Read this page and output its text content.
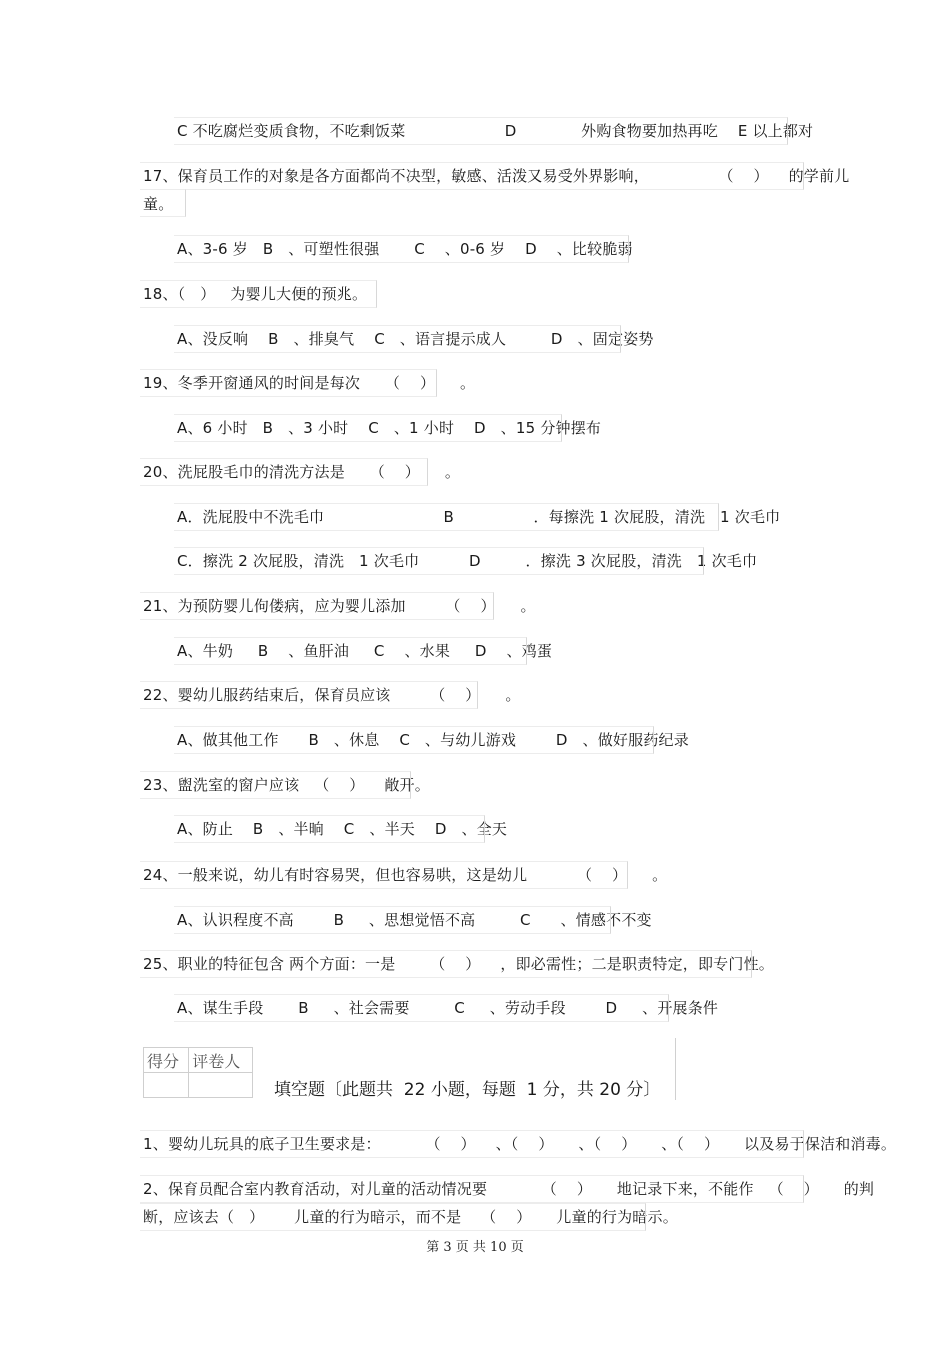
C 不吃腐烂变质食物，不吃剩饭菜                    D             外购食物要加热再吃    E 以上都对
17、保育员工作的对象是各方面都尚不决型，敏感、活泼又易受外界影响，              （    ）    的学前儿
童。
A、3-6 岁   B   、可塑性很强       C    、0-6 岁    D    、比较脆弱
18、（   ）   为婴儿大便的预兆。
A、没反响    B   、排臭气    C   、语言提示成人         D   、固定姿势
19、冬季开窗通风的时间是每次     （    ）     。
A、6 小时   B   、3 小时    C   、1 小时    D   、15 分钟摆布
20、洗屁股毛巾的清洗方法是     （    ）     。
A．洗屁股中不洗毛巾                        B                ．每擦洗 1 次屁股，清洗   1 次毛巾
C．擦洗 2 次屁股，清洗   1 次毛巾          D         ．擦洗 3 次屁股，清洗   1 次毛巾
21、为预防婴儿佝偻病，应为婴儿添加        （    ）     。
A、牛奶     B    、鱼肝油     C    、水果     D    、鸡蛋
22、婴幼儿服药结束后，保育员应该        （    ）     。
A、做其他工作      B   、休息    C   、与幼儿游戏        D   、做好服药纪录
23、盥洗室的窗户应该   （    ）    敞开。
A、防止    B   、半晌    C   、半天    D   、全天
24、一般来说，幼儿有时容易哭，但也容易哄，这是幼儿          （    ）     。
A、认识程度不高        B     、思想觉悟不高         C      、情感不不变
25、职业的特征包含 两个方面：一是       （    ）    ，即必需性；二是职责特定，即专门性。
A、谋生手段       B     、社会需要         C     、劳动手段        D     、开展条件
得分	评卷人

填空题〔此题共  22 小题，每题  1 分，共 20 分〕
1、婴幼儿玩具的底子卫生要求是：         （    ）    、（    ）     、（    ）     、（    ）     以及易于保洁和消毒。
2、保育员配合室内教育活动，对儿童的活动情况要           （    ）     地记录下来，不能作   （    ）     的判
断，应该去（   ）      儿童的行为暗示，而不是    （    ）     儿童的行为暗示。
第 3 页 共 10 页
